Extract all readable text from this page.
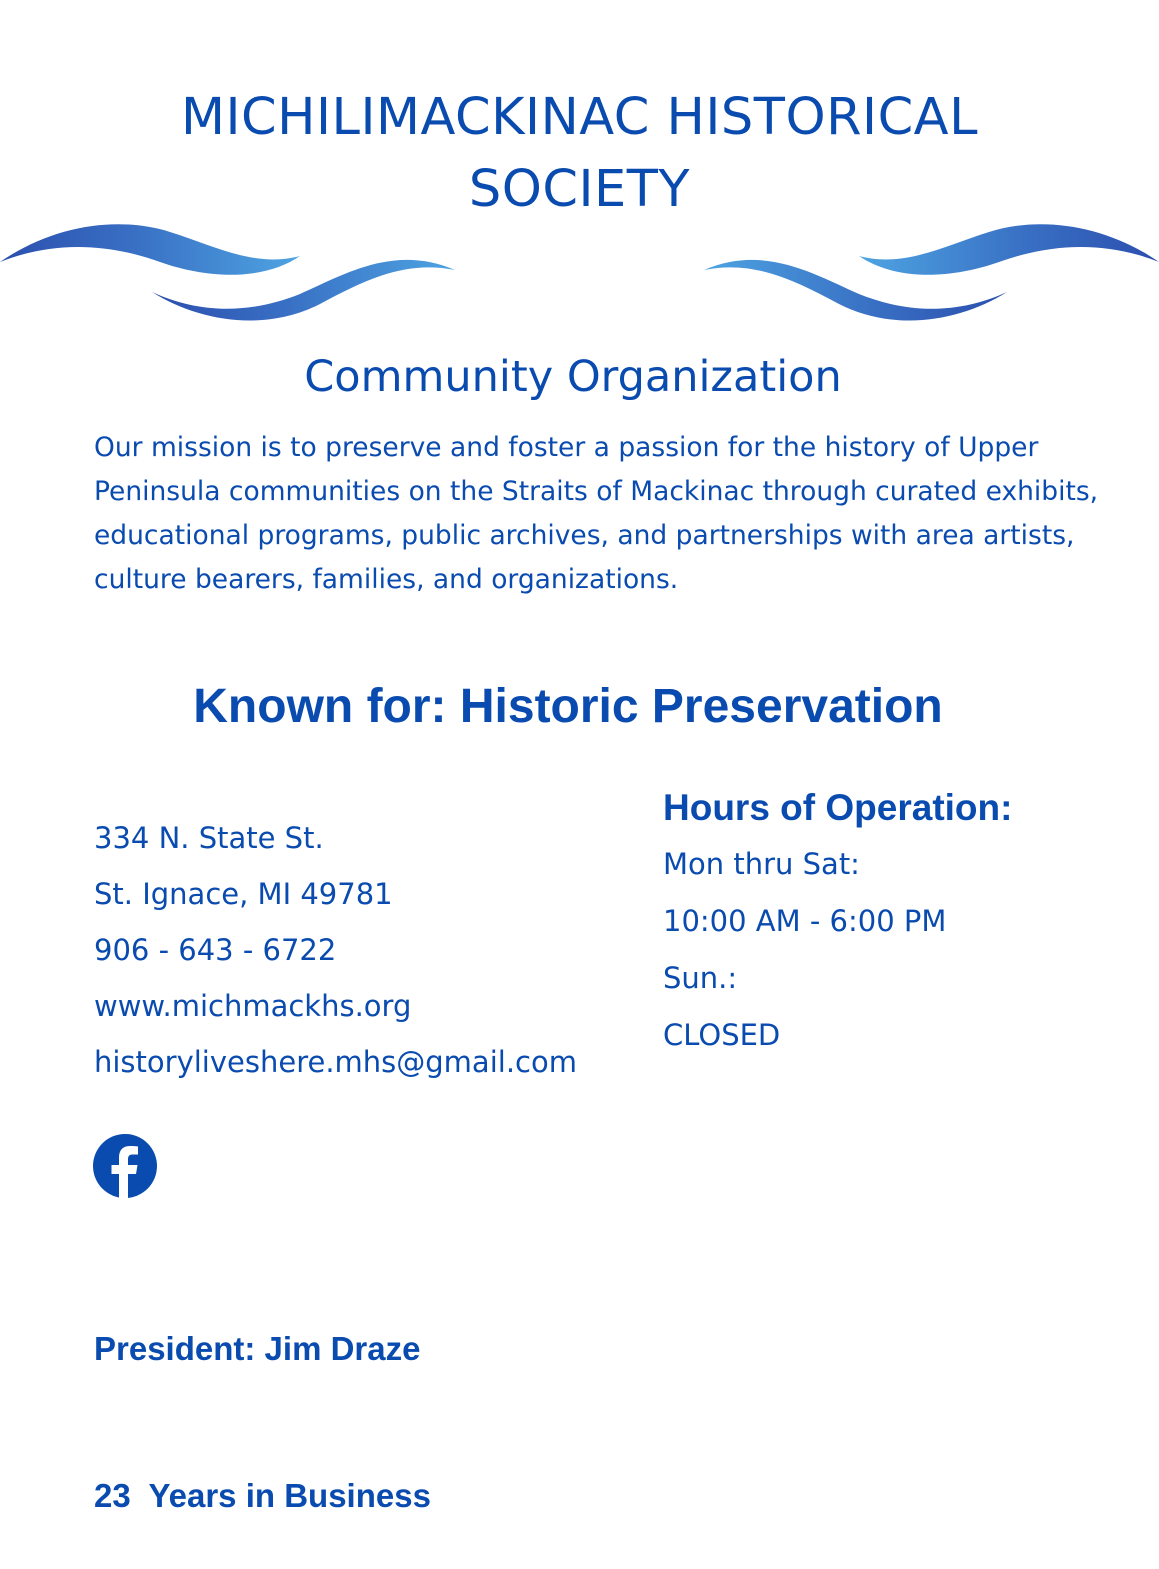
MICHILIMACKINAC HISTORICAL
SOCIETY
Community Organization

Our mission is to preserve and foster a passion for the history of Upper Peninsula communities on the Straits of Mackinac through curated exhibits, educational programs, public archives, and partnerships with area artists, culture bearers, families, and organizations.

Known for: Historic Preservation
334 N. State St.
St. Ignace, MI 49781
906 - 643 - 6722
www.michmackhs.org
historyliveshere.mhs@gmail.com
Hours of Operation:
Mon thru Sat:
10:00 AM - 6:00 PM
Sun.:
CLOSED

President: Jim Draze

23  Years in Business
